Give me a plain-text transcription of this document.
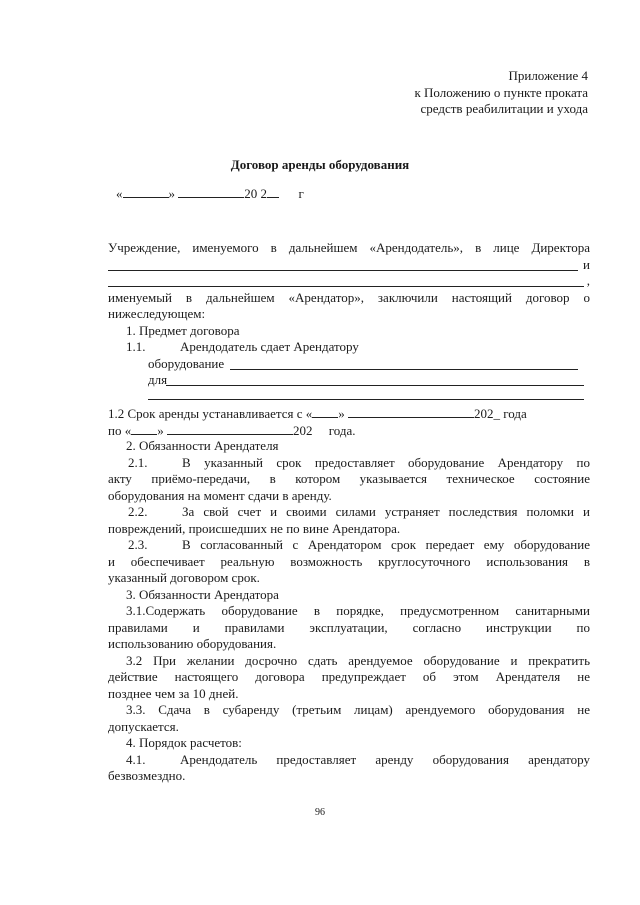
Приложение 4
к Положению о пункте проката
средств реабилитации и ухода
Договор аренды оборудования
«	»	20 2 г
Учреждение, именуемого в дальнейшем «Арендодатель», в лице Директора
и
,
именуемый в дальнейшем «Арендатор», заключили настоящий договор о
нижеследующем:
1. Предмет договора
1.1.	Арендодатель сдает Арендатору
оборудование
для
1.2 Срок аренды устанавливается с « »	202_ года
по « »	202 года.
2. Обязанности Арендателя
2.1.	В указанный срок предоставляет оборудование Арендатору по
акту приёмо-передачи, в котором указывается техническое состояние
оборудования на момент сдачи в аренду.
2.2.	За свой счет и своими силами устраняет последствия поломки и
повреждений, происшедших не по вине Арендатора.
2.3.	В согласованный с Арендатором срок передает ему оборудование
и обеспечивает реальную возможность круглосуточного использования в
указанный договором срок.
3. Обязанности Арендатора
3.1.Содержать оборудование в порядке, предусмотренном санитарными
правилами и правилами эксплуатации, согласно инструкции по
использованию оборудования.
3.2 При желании досрочно сдать арендуемое оборудование и прекратить
действие настоящего договора предупреждает об этом Арендателя не
позднее чем за 10 дней.
3.3. Сдача в субаренду (третьим лицам) арендуемого оборудования не
допускается.
4. Порядок расчетов:
4.1.	Арендодатель предоставляет аренду оборудования арендатору
безвозмездно.
96
